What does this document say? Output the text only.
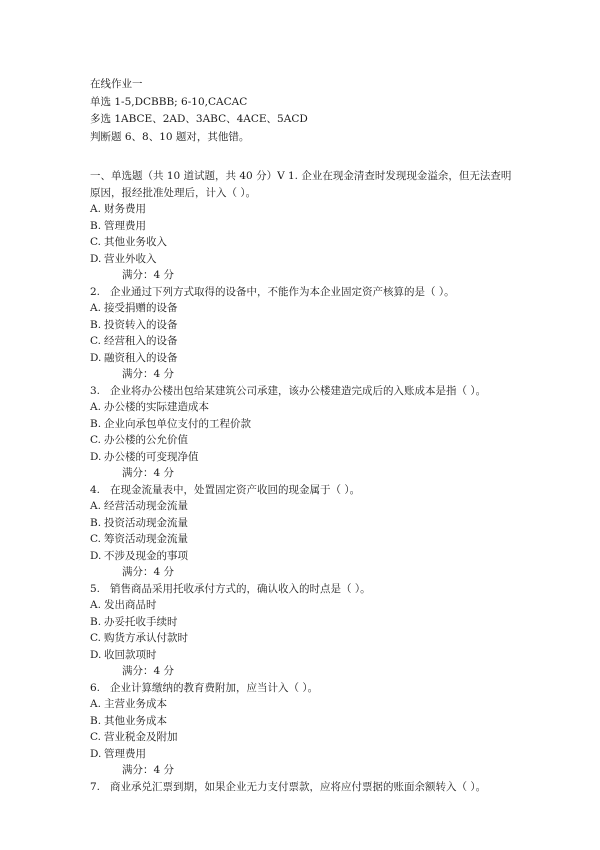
在线作业一
单选 1-5,DCBBB; 6-10,CACAC
多选 1ABCE、2AD、3ABC、4ACE、5ACD
判断题 6、8、10 题对，其他错。
一、单选题（共 10 道试题，共 40 分）V 1. 企业在现金清查时发现现金溢余，但无法查明原因，报经批准处理后，计入（ ）。
A. 财务费用
B. 管理费用
C. 其他业务收入
D. 营业外收入
满分：4 分
2. 企业通过下列方式取得的设备中，不能作为本企业固定资产核算的是（ ）。
A. 接受捐赠的设备
B. 投资转入的设备
C. 经营租入的设备
D. 融资租入的设备
满分：4 分
3. 企业将办公楼出包给某建筑公司承建，该办公楼建造完成后的入账成本是指（ ）。
A. 办公楼的实际建造成本
B. 企业向承包单位支付的工程价款
C. 办公楼的公允价值
D. 办公楼的可变现净值
满分：4 分
4. 在现金流量表中，处置固定资产收回的现金属于（ ）。
A. 经营活动现金流量
B. 投资活动现金流量
C. 筹资活动现金流量
D. 不涉及现金的事项
满分：4 分
5. 销售商品采用托收承付方式的，确认收入的时点是（ ）。
A. 发出商品时
B. 办妥托收手续时
C. 购货方承认付款时
D. 收回款项时
满分：4 分
6. 企业计算缴纳的教育费附加，应当计入（ ）。
A. 主营业务成本
B. 其他业务成本
C. 营业税金及附加
D. 管理费用
满分：4 分
7. 商业承兑汇票到期，如果企业无力支付票款，应将应付票据的账面余额转入（ ）。
